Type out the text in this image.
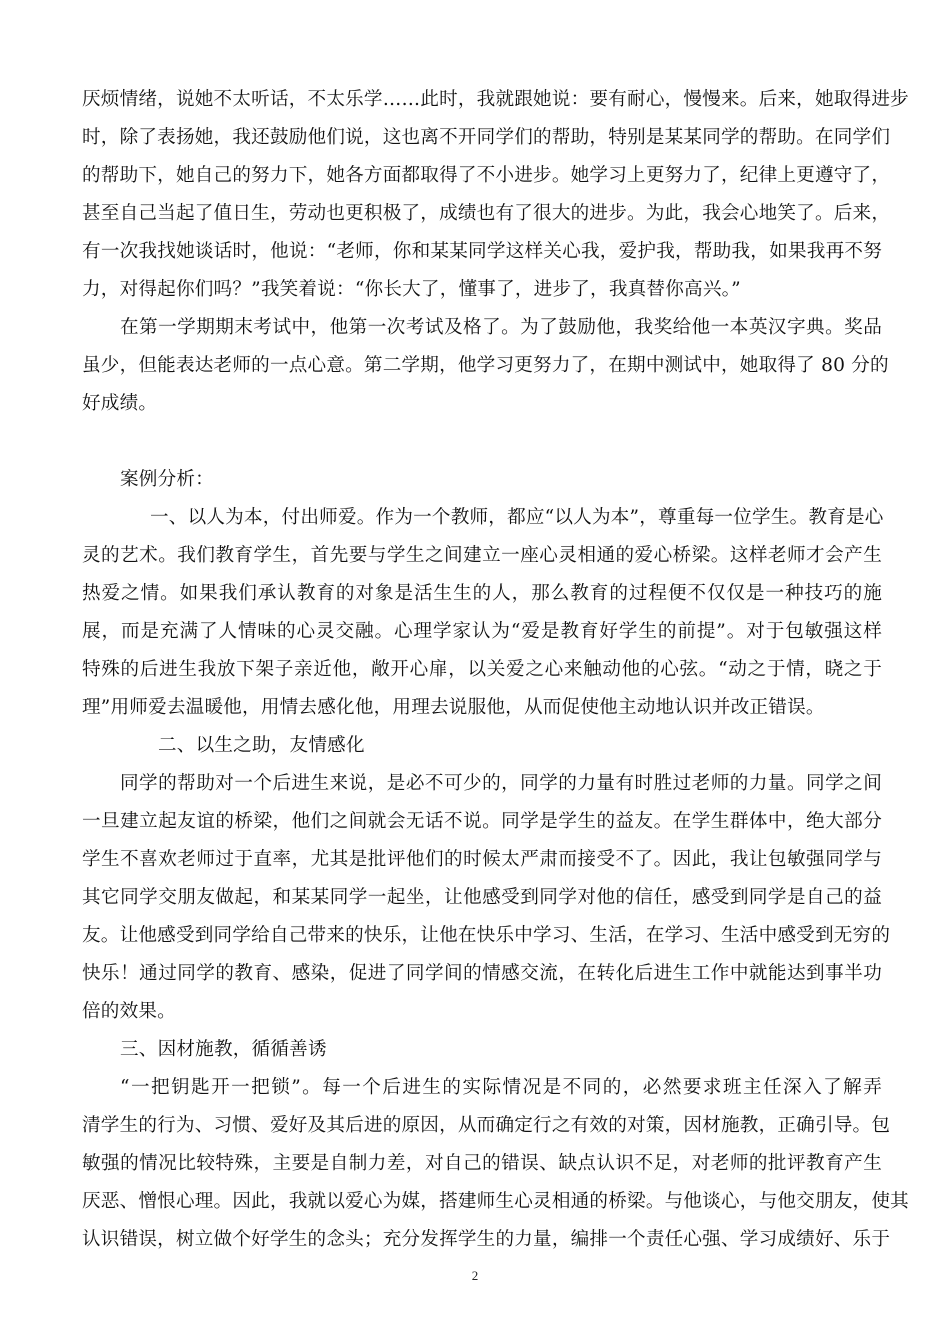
厌烦情绪，说她不太听话，不太乐学……此时，我就跟她说：要有耐心，慢慢来。后来，她取得进步
时，除了表扬她，我还鼓励他们说，这也离不开同学们的帮助，特别是某某同学的帮助。在同学们
的帮助下，她自己的努力下，她各方面都取得了不小进步。她学习上更努力了，纪律上更遵守了，
甚至自己当起了值日生，劳动也更积极了，成绩也有了很大的进步。为此，我会心地笑了。后来，
有一次我找她谈话时，他说：“老师，你和某某同学这样关心我，爱护我，帮助我，如果我再不努
力，对得起你们吗？”我笑着说：“你长大了，懂事了，进步了，我真替你高兴。”
在第一学期期末考试中，他第一次考试及格了。为了鼓励他，我奖给他一本英汉字典。奖品
虽少，但能表达老师的一点心意。第二学期，他学习更努力了，在期中测试中，她取得了 80 分的
好成绩。
案例分析：
一、以人为本，付出师爱。作为一个教师，都应“以人为本”，尊重每一位学生。教育是心
灵的艺术。我们教育学生，首先要与学生之间建立一座心灵相通的爱心桥梁。这样老师才会产生
热爱之情。如果我们承认教育的对象是活生生的人，那么教育的过程便不仅仅是一种技巧的施
展，而是充满了人情味的心灵交融。心理学家认为“爱是教育好学生的前提”。对于包敏强这样
特殊的后进生我放下架子亲近他，敞开心扉，以关爱之心来触动他的心弦。“动之于情，晓之于
理”用师爱去温暖他，用情去感化他，用理去说服他，从而促使他主动地认识并改正错误。
二、以生之助，友情感化
同学的帮助对一个后进生来说，是必不可少的，同学的力量有时胜过老师的力量。同学之间
一旦建立起友谊的桥梁，他们之间就会无话不说。同学是学生的益友。在学生群体中，绝大部分
学生不喜欢老师过于直率，尤其是批评他们的时候太严肃而接受不了。因此，我让包敏强同学与
其它同学交朋友做起，和某某同学一起坐，让他感受到同学对他的信任，感受到同学是自己的益
友。让他感受到同学给自己带来的快乐，让他在快乐中学习、生活，在学习、生活中感受到无穷的
快乐！通过同学的教育、感染，促进了同学间的情感交流，在转化后进生工作中就能达到事半功
倍的效果。
三、因材施教，循循善诱
“一把钥匙开一把锁”。每一个后进生的实际情况是不同的，必然要求班主任深入了解弄
清学生的行为、习惯、爱好及其后进的原因，从而确定行之有效的对策，因材施教，正确引导。包
敏强的情况比较特殊，主要是自制力差，对自己的错误、缺点认识不足，对老师的批评教育产生
厌恶、憎恨心理。因此，我就以爱心为媒，搭建师生心灵相通的桥梁。与他谈心，与他交朋友，使其
认识错误，树立做个好学生的念头；充分发挥学生的力量，编排一个责任心强、学习成绩好、乐于
2
